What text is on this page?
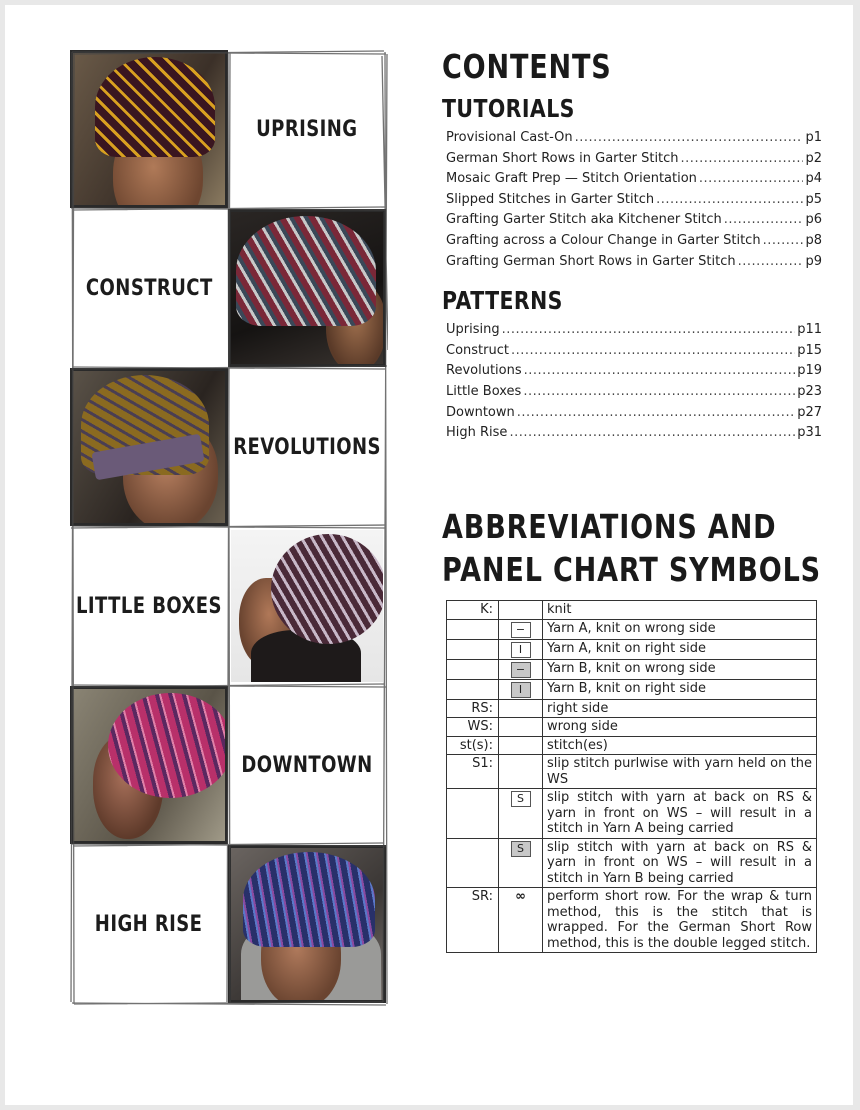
UPRISING
CONSTRUCT
REVOLUTIONS
LITTLE BOXES
DOWNTOWN
HIGH RISE
CONTENTS
TUTORIALS
Provisional Cast-On .....	p1
German Short Rows in Garter Stitch .....	p2
Mosaic Graft Prep — Stitch Orientation .....	p4
Slipped Stitches in Garter Stitch .....	p5
Grafting Garter Stitch aka Kitchener Stitch .....	p6
Grafting across a Colour Change in Garter Stitch .....	p8
Grafting German Short Rows in Garter Stitch .....	p9
PATTERNS
Uprising .....	p11
Construct .....	p15
Revolutions .....	p19
Little Boxes .....	p23
Downtown .....	p27
High Rise .....	p31
ABBREVIATIONS AND
PANEL CHART SYMBOLS
K:		knit
	−	Yarn A, knit on wrong side
	I	Yarn A, knit on right side
	−	Yarn B, knit on wrong side
	I	Yarn B, knit on right side
RS:		right side
WS:		wrong side
st(s):		stitch(es)
S1:		slip stitch purlwise with yarn held on the WS
	S	slip stitch with yarn at back on RS & yarn in front on WS – will result in a stitch in Yarn A being carried
	S	slip stitch with yarn at back on RS & yarn in front on WS – will result in a stitch in Yarn B being carried
SR:	∞	perform short row. For the wrap & turn method, this is the stitch that is wrapped. For the German Short Row method, this is the double legged stitch.
